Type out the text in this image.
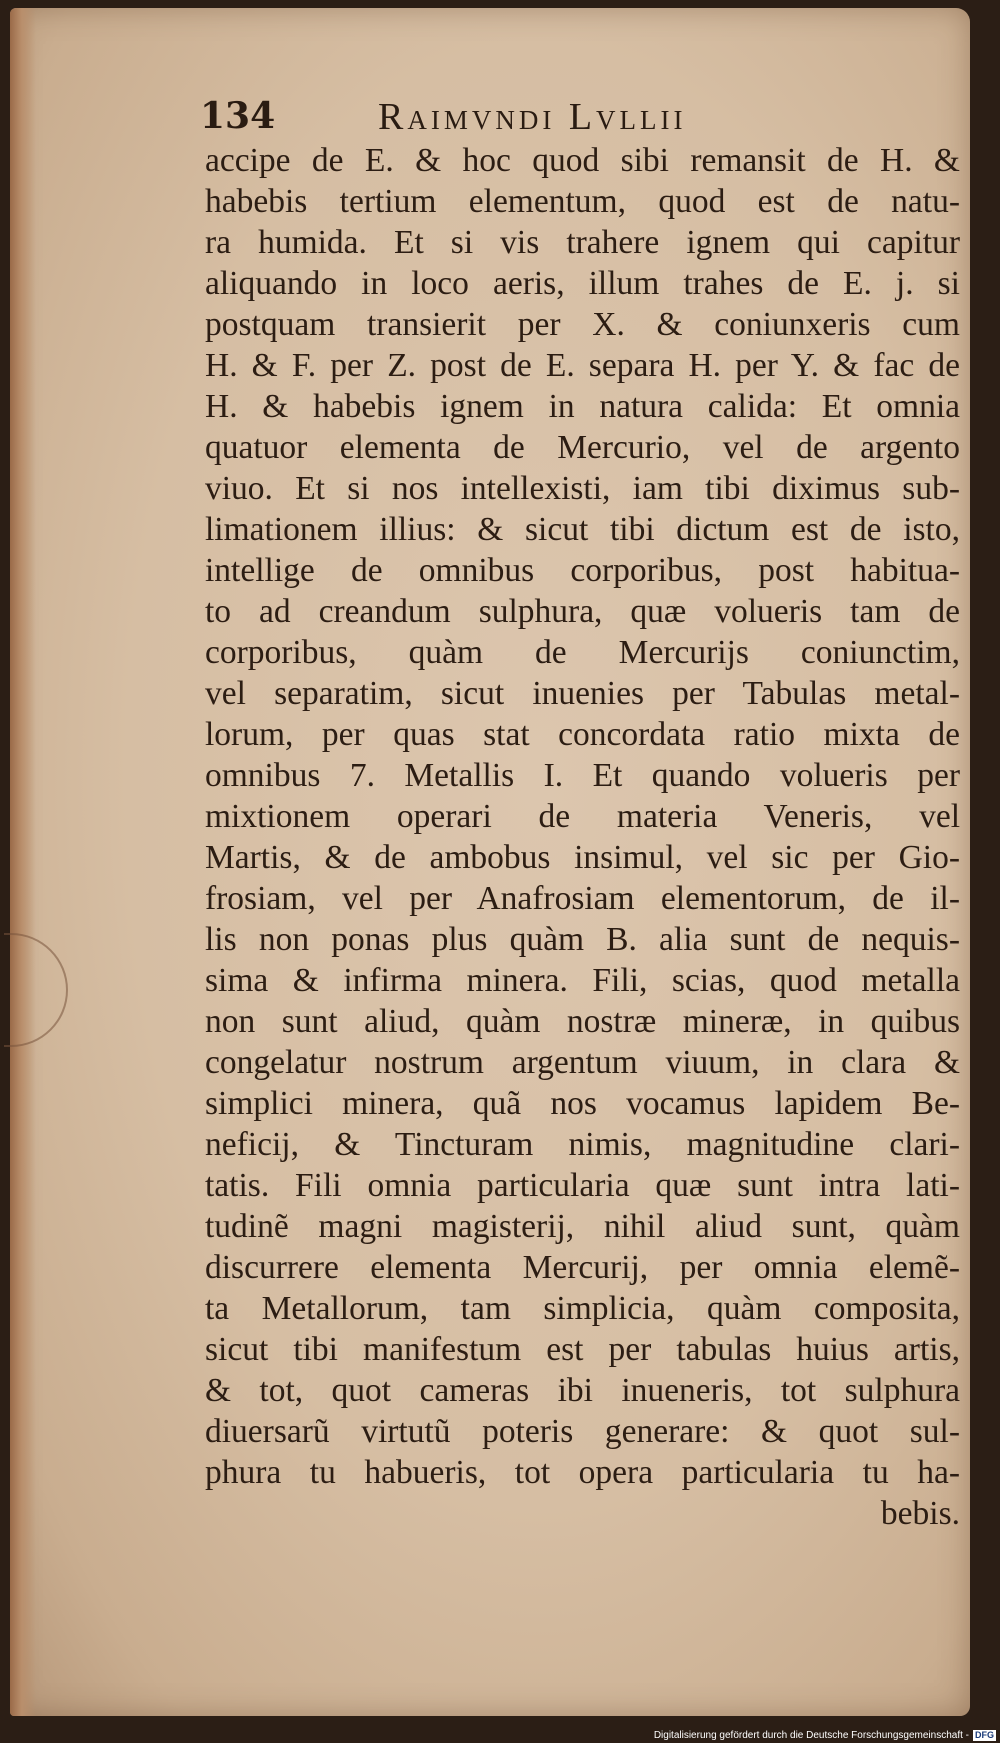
134	Raimvndi Lvllii
accipe de E. & hoc quod sibi remansit de H. &
habebis tertium elementum, quod est de natu-
ra humida. Et si vis trahere ignem qui capitur
aliquando in loco aeris, illum trahes de E. j. si
postquam transierit per X. & coniunxeris cum
H. & F. per Z. post de E. separa H. per Y. & fac de
H. & habebis ignem in natura calida: Et omnia
quatuor elementa de Mercurio, vel de argento
viuo. Et si nos intellexisti, iam tibi diximus sub-
limationem illius: & sicut tibi dictum est de isto,
intellige de omnibus corporibus, post habitua-
to ad creandum sulphura, quæ volueris tam de
corporibus, quàm de Mercurijs coniunctim,
vel separatim, sicut inuenies per Tabulas metal-
lorum, per quas stat concordata ratio mixta de
omnibus 7. Metallis I. Et quando volueris per
mixtionem operari de materia Veneris, vel
Martis, & de ambobus insimul, vel sic per Gio-
frosiam, vel per Anafrosiam elementorum, de il-
lis non ponas plus quàm B. alia sunt de nequis-
sima & infirma minera. Fili, scias, quod metalla
non sunt aliud, quàm nostræ mineræ, in quibus
congelatur nostrum argentum viuum, in clara &
simplici minera, quã nos vocamus lapidem Be-
neficij, & Tincturam nimis, magnitudine clari-
tatis. Fili omnia particularia quæ sunt intra lati-
tudinẽ magni magisterij, nihil aliud sunt, quàm
discurrere elementa Mercurij, per omnia elemẽ-
ta Metallorum, tam simplicia, quàm composita,
sicut tibi manifestum est per tabulas huius artis,
& tot, quot cameras ibi inueneris, tot sulphura
diuersarũ virtutũ poteris generare: & quot sul-
phura tu habueris, tot opera particularia tu ha-
bebis.
Digitalisierung gefördert durch die Deutsche Forschungsgemeinschaft - DFG
